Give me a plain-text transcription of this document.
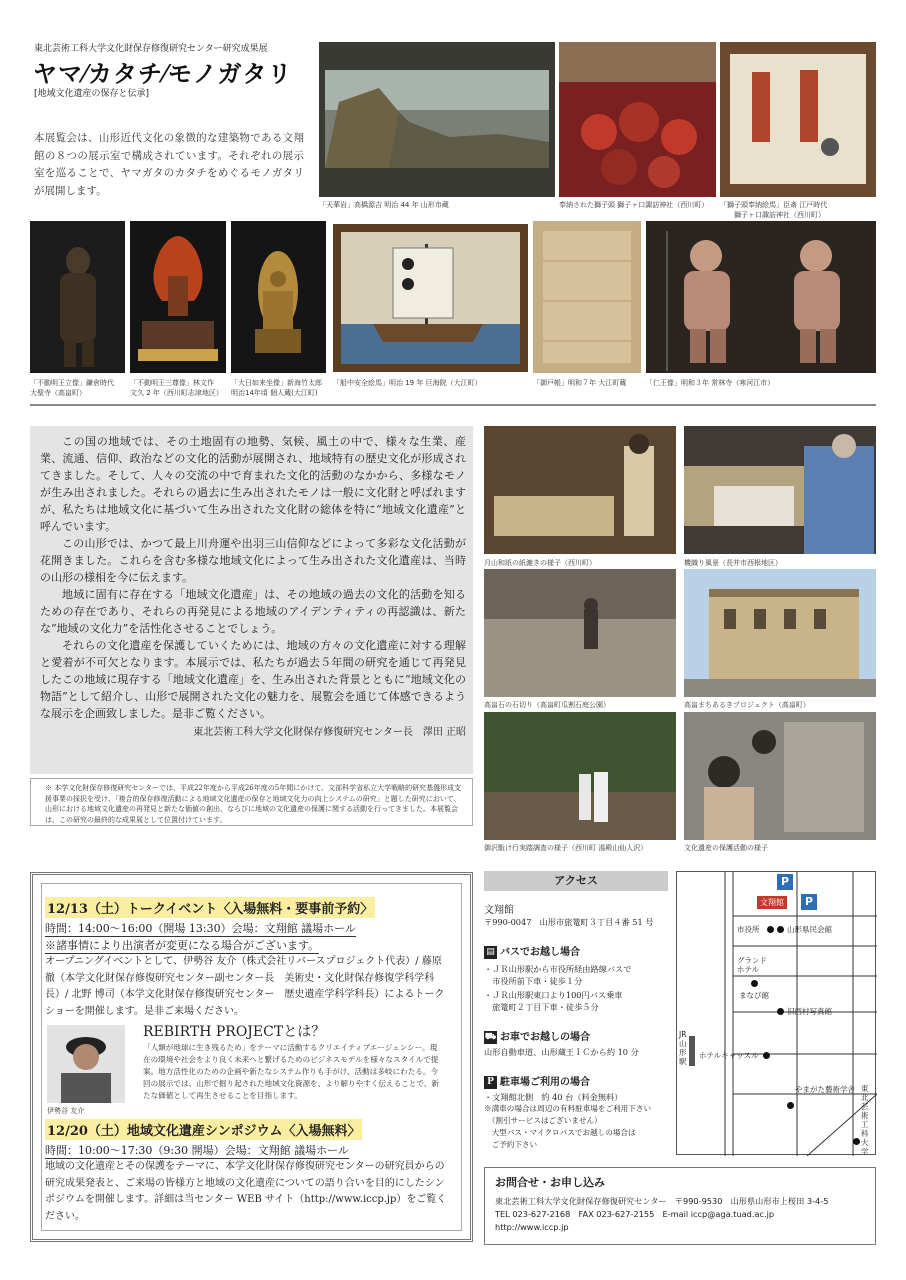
東北芸術工科大学文化財保存修復研究センター研究成果展
ヤマ⁄カタチ⁄モノガタリ
[地域文化遺産の保存と伝承]
本展覧会は、山形近代文化の象徴的な建築物である文翔館の８つの展示室で構成されています。それぞれの展示室を巡ることで、ヤマガタのカタチをめぐるモノガタリが展開します。
「天華岩」高橋源吉 明治 44 年 山形市蔵	奉納された獅子頭 獅子ヶ口諏訪神社（西川町） 「獅子頭奉納絵馬」臣斎 江戸時代
獅子ヶ口諏訪神社（西川町）
「不動明王立像」鎌倉時代
大聖寺（高畠町）
「不動明王三尊像」林文作
文久 2 年（西川町志津地区）
「大日如来坐像」新海竹太郎
明治14年頃 個人蔵(大江町)
「船中安全絵馬」明治 19 年 巨海院（大江町）	「御戸帳」明和７年 大江町蔵	「仁王像」明和３年 常林寺（寒河江市）

この国の地域では、その土地固有の地勢、気候、風土の中で、様々な生業、産業、流通、信仰、政治などの文化的活動が展開され、地域特有の歴史文化が形成されてきました。そして、人々の交流の中で育まれた文化的活動のなかから、多様なモノが生み出されました。それらの過去に生み出されたモノは一般に文化財と呼ばれますが、私たちは地域文化に基づいて生み出された文化財の総体を特に“地域文化遺産”と呼んでいます。

この山形では、かつて最上川舟運や出羽三山信仰などによって多彩な文化活動が花開きました。これらを含む多様な地域文化によって生み出された文化遺産は、当時の山形の様相を今に伝えます。

地域に固有に存在する「地域文化遺産」は、その地域の過去の文化的活動を知るための存在であり、それらの再発見による地域のアイデンティティの再認識は、新たな“地域の文化力”を活性化させることでしょう。

それらの文化遺産を保護していくためには、地域の方々の文化遺産に対する理解と愛着が不可欠となります。本展示では、私たちが過去５年間の研究を通じて再発見したこの地域に現存する「地域文化遺産」を、生み出された背景とともに“地域文化の物語”として紹介し、山形で展開された文化の魅力を、展覧会を通じて体感できるような展示を企画致しました。是非ご覧ください。

東北芸術工科大学文化財保存修復研究センター長　澤田 正昭
※ 本学文化財保存修復研究センターでは、平成22年度から平成26年度の5年間にかけて、文部科学省私立大学戦略的研究基盤形成支援事業の採択を受け、「複合的保存修復活動による地域文化遺産の保存と地域文化力の向上システムの研究」と題した研究において、山形における地域文化遺産の再発見と新たな価値の創出、ならびに地域の文化遺産の保護に関する活動を行ってきました。本展覧会は、この研究の最終的な成果展として位置付けています。
月山和紙の紙漉きの様子（西川町）	機織り風景（長井市西根地区）
高畠石の石切り（高畠町瓜割石庭公園）	高畠まちあるきプロジェクト（高畠町）
御沢駈け行実踏調査の様子（西川町 湯殿山仙人沢）	文化遺産の保護活動の様子
12/13（土）トークイベント〈入場無料・要事前予約〉
時間：14:00～16:00（開場 13:30）会場：文翔館 議場ホール
※諸事情により出演者が変更になる場合がございます。
オープニングイベントとして、伊勢谷 友介（株式会社リバースプロジェクト代表）/ 藤原 徹（本学文化財保存修復研究センター副センター長　美術史・文化財保存修復学科学科長）/ 北野 博司（本学文化財保存修復研究センター　歴史遺産学科学科長）によるトークショーを開催します。是非ご来場ください。
伊勢谷 友介
REBIRTH PROJECTとは？
「人類が地球に生き残るため」をテーマに活動するクリエイティブエージェンシー。現在の環境や社会をより良く未来へと繋げるためのビジネスモデルを様々なスタイルで提案。地方活性化のための企画や新たなシステム作りも手がけ、活動は多岐にわたる。今回の展示では、山形で掘り起された地域文化資源を、より解りやすく伝えることで、新たな価値として再生させることを目指します。
12/20（土）地域文化遺産シンポジウム〈入場無料〉
時間：10:00～17:30（9:30 開場）会場：文翔館 議場ホール
地域の文化遺産とその保護をテーマに、本学文化財保存修復研究センターの研究員からの研究成果発表と、ご来場の皆様方と地域の文化遺産についての語り合いを目的にしたシンポジウムを開催します。詳細は当センター WEB サイト（http://www.iccp.jp）をご覧ください。
アクセス
文翔館
〒990-0047　山形市旅篭町３丁目４番 51 号
▤ バスでお越し場合
・ＪＲ山形駅から市役所経由路線バスで
　市役所前下車・徒歩１分
・ＪＲ山形駅東口より100円バス乗車
　旅篭町２丁目下車・徒歩５分
⛟ お車でお越しの場合
山形自動車道、山形蔵王ＩＣから約 10 分
P 駐車場ご利用の場合
・文翔館北側　約 40 台（料金無料）
※満車の場合は周辺の有料駐車場をご利用下さい
　（割引サービスはございません）
　大型バス・マイクロバスでお越しの場合は
　ご予約下さい
P
P
文翔館
市役所	山形県民会館
グランド
ホテル
まなび館
旧西村写真館
JR山形駅
ホテルキャッスル
やまがた藝術学舎 東北芸術工科大学
お問合せ・お申し込み
東北芸術工科大学文化財保存修復研究センター　〒990-9530　山形県山形市上桜田 3-4-5
TEL 023-627-2168　FAX 023-627-2155　E-mail iccp@aga.tuad.ac.jp
http://www.iccp.jp
